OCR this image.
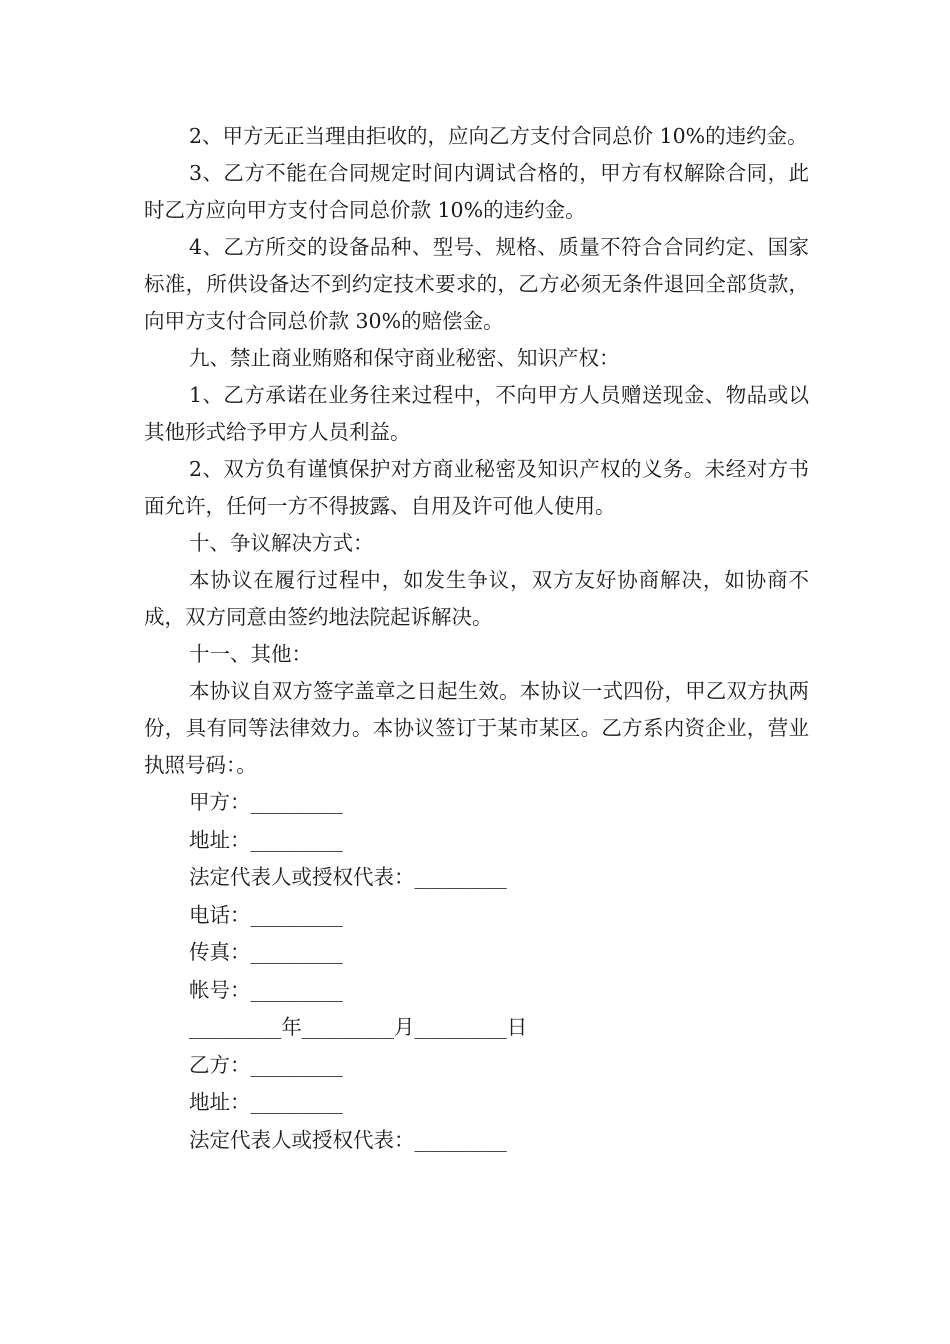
2、甲方无正当理由拒收的，应向乙方支付合同总价 10%的违约金。

3、乙方不能在合同规定时间内调试合格的，甲方有权解除合同，此时乙方应向甲方支付合同总价款 10%的违约金。

4、乙方所交的设备品种、型号、规格、质量不符合合同约定、国家标准，所供设备达不到约定技术要求的，乙方必须无条件退回全部货款，向甲方支付合同总价款 30%的赔偿金。

九、禁止商业贿赂和保守商业秘密、知识产权：

1、乙方承诺在业务往来过程中，不向甲方人员赠送现金、物品或以其他形式给予甲方人员利益。

2、双方负有谨慎保护对方商业秘密及知识产权的义务。未经对方书面允许，任何一方不得披露、自用及许可他人使用。

十、争议解决方式：

本协议在履行过程中，如发生争议，双方友好协商解决，如协商不成，双方同意由签约地法院起诉解决。

十一、其他：

本协议自双方签字盖章之日起生效。本协议一式四份，甲乙双方执两份，具有同等法律效力。本协议签订于某市某区。乙方系内资企业，营业执照号码：。

甲方：_________

地址：_________

法定代表人或授权代表：_________

电话：_________

传真：_________

帐号：_________

_________年_________月_________日

乙方：_________

地址：_________

法定代表人或授权代表：_________
